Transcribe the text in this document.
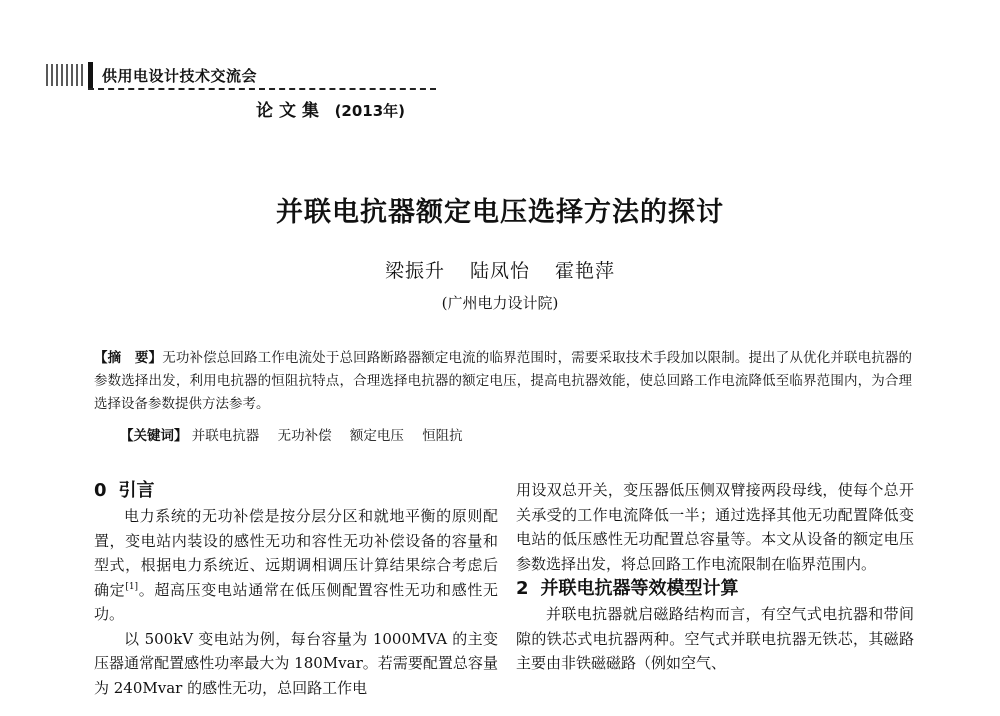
供用电设计技术交流会
论文集 (2013年)
并联电抗器额定电压选择方法的探讨
梁振升 陆凤怡 霍艳萍
(广州电力设计院)

【摘　要】无功补偿总回路工作电流处于总回路断路器额定电流的临界范围时，需要采取技术手段加以限制。提出了从优化并联电抗器的参数选择出发，利用电抗器的恒阻抗特点，合理选择电抗器的额定电压，提高电抗器效能，使总回路工作电流降低至临界范围内，为合理选择设备参数提供方法参考。

【关键词】 并联电抗器 无功补偿 额定电压 恒阻抗
0 引言

电力系统的无功补偿是按分层分区和就地平衡的原则配置，变电站内装设的感性无功和容性无功补偿设备的容量和型式，根据电力系统近、远期调相调压计算结果综合考虑后确定[1]。超高压变电站通常在低压侧配置容性无功和感性无功。

以 500kV 变电站为例，每台容量为 1000MVA 的主变压器通常配置感性功率最大为 180Mvar。若需要配置总容量为 240Mvar 的感性无功，总回路工作电

用设双总开关，变压器低压侧双臂接两段母线，使每个总开关承受的工作电流降低一半；通过选择其他无功配置降低变电站的低压感性无功配置总容量等。本文从设备的额定电压参数选择出发，将总回路工作电流限制在临界范围内。

2 并联电抗器等效模型计算

并联电抗器就启磁路结构而言，有空气式电抗器和带间隙的铁芯式电抗器两种。空气式并联电抗器无铁芯，其磁路主要由非铁磁磁路（例如空气、
